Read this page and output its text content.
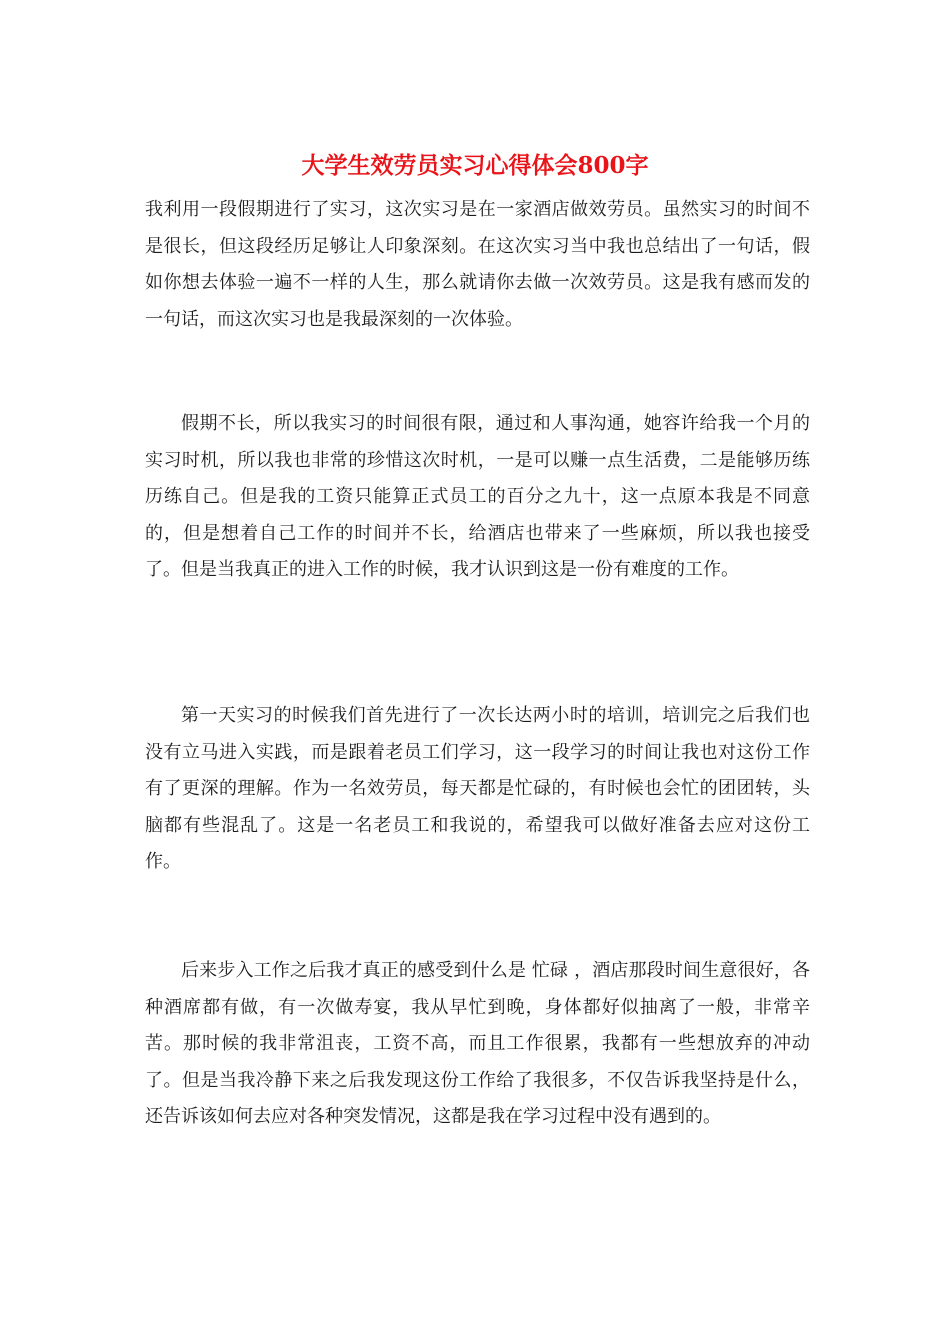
大学生效劳员实习心得体会800字

我利用一段假期进行了实习，这次实习是在一家酒店做效劳员。虽然实习的时间不是很长，但这段经历足够让人印象深刻。在这次实习当中我也总结出了一句话，假如你想去体验一遍不一样的人生，那么就请你去做一次效劳员。这是我有感而发的一句话，而这次实习也是我最深刻的一次体验。

假期不长，所以我实习的时间很有限，通过和人事沟通，她容许给我一个月的实习时机，所以我也非常的珍惜这次时机，一是可以赚一点生活费，二是能够历练历练自己。但是我的工资只能算正式员工的百分之九十，这一点原本我是不同意的，但是想着自己工作的时间并不长，给酒店也带来了一些麻烦，所以我也接受了。但是当我真正的进入工作的时候，我才认识到这是一份有难度的工作。

第一天实习的时候我们首先进行了一次长达两小时的培训，培训完之后我们也没有立马进入实践，而是跟着老员工们学习，这一段学习的时间让我也对这份工作有了更深的理解。作为一名效劳员，每天都是忙碌的，有时候也会忙的团团转，头脑都有些混乱了。这是一名老员工和我说的，希望我可以做好准备去应对这份工作。

后来步入工作之后我才真正的感受到什么是 忙碌 ，酒店那段时间生意很好，各种酒席都有做，有一次做寿宴，我从早忙到晚，身体都好似抽离了一般，非常辛苦。那时候的我非常沮丧，工资不高，而且工作很累，我都有一些想放弃的冲动了。但是当我冷静下来之后我发现这份工作给了我很多，不仅告诉我坚持是什么，还告诉该如何去应对各种突发情况，这都是我在学习过程中没有遇到的。
